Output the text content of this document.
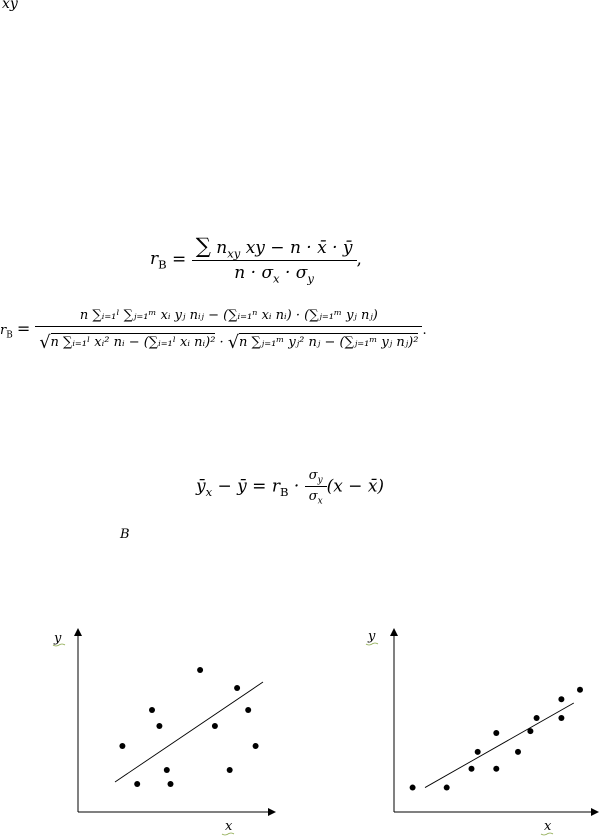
xy
$r_B = \frac{\sum n_{xy} xy - n \cdot x̄ \cdot ȳ}{n \cdot \sigma_x \cdot \sigma_y}$ ,
$r_B$ =
n ∑ᵢ₌₁ˡ ∑ⱼ₌₁ᵐ xᵢ yⱼ nᵢⱼ − (∑ᵢ₌₁ⁿ xᵢ nᵢ) · (∑ⱼ₌₁ᵐ yⱼ nⱼ)
√n ∑ᵢ₌₁ˡ xᵢ² nᵢ − (∑ᵢ₌₁ˡ xᵢ nᵢ)² · √n ∑ⱼ₌₁ᵐ yⱼ² nⱼ − (∑ⱼ₌₁ᵐ yⱼ nⱼ)²
.
$ȳ_x$ − ȳ = $r_B \cdot \frac{\sigma_y}{\sigma_x} (x$ − x̄)
В
y
x
y
x
